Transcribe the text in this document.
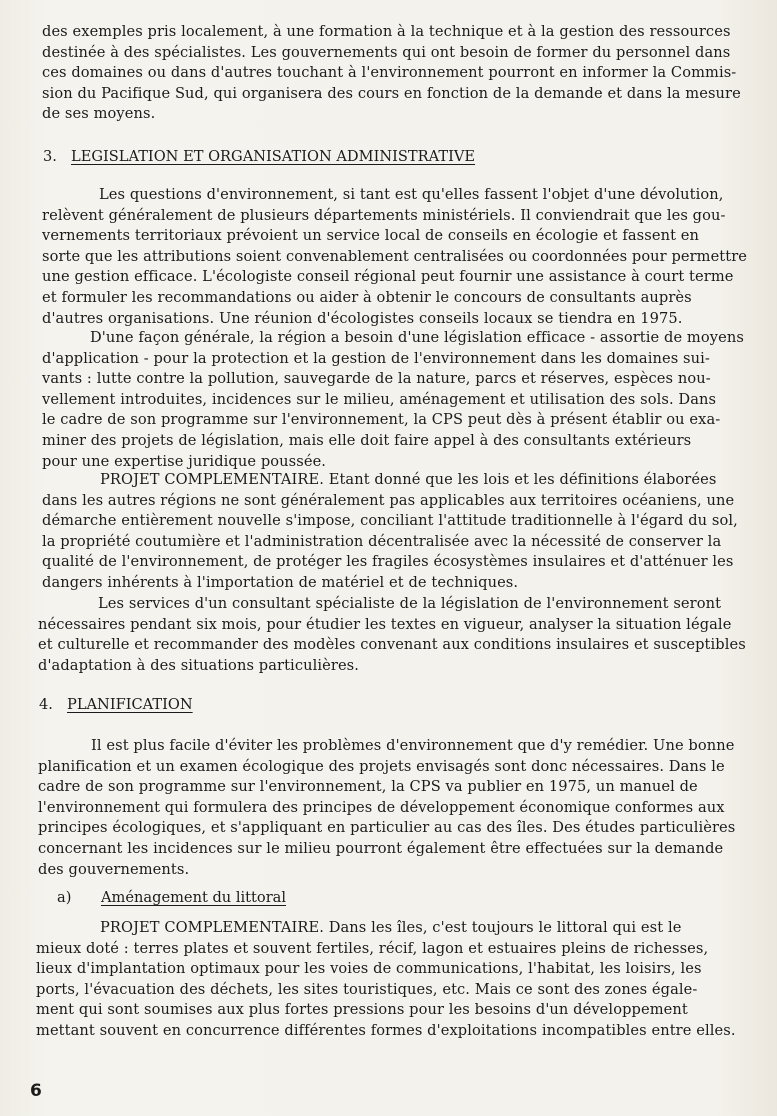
des exemples pris localement, à une formation à la technique et à la gestion des ressources
destinée à des spécialistes. Les gouvernements qui ont besoin de former du personnel dans
ces domaines ou dans d'autres touchant à l'environnement pourront en informer la Commis-
sion du Pacifique Sud, qui organisera des cours en fonction de la demande et dans la mesure
de ses moyens.
3. LEGISLATION ET ORGANISATION ADMINISTRATIVE
Les questions d'environnement, si tant est qu'elles fassent l'objet d'une dévolution,
relèvent généralement de plusieurs départements ministériels. Il conviendrait que les gou-
vernements territoriaux prévoient un service local de conseils en écologie et fassent en
sorte que les attributions soient convenablement centralisées ou coordonnées pour permettre
une gestion efficace. L'écologiste conseil régional peut fournir une assistance à court terme
et formuler les recommandations ou aider à obtenir le concours de consultants auprès
d'autres organisations. Une réunion d'écologistes conseils locaux se tiendra en 1975.
D'une façon générale, la région a besoin d'une législation efficace - assortie de moyens
d'application - pour la protection et la gestion de l'environnement dans les domaines sui-
vants : lutte contre la pollution, sauvegarde de la nature, parcs et réserves, espèces nou-
vellement introduites, incidences sur le milieu, aménagement et utilisation des sols. Dans
le cadre de son programme sur l'environnement, la CPS peut dès à présent établir ou exa-
miner des projets de législation, mais elle doit faire appel à des consultants extérieurs
pour une expertise juridique poussée.
PROJET COMPLEMENTAIRE. Etant donné que les lois et les définitions élaborées
dans les autres régions ne sont généralement pas applicables aux territoires océaniens, une
démarche entièrement nouvelle s'impose, conciliant l'attitude traditionnelle à l'égard du sol,
la propriété coutumière et l'administration décentralisée avec la nécessité de conserver la
qualité de l'environnement, de protéger les fragiles écosystèmes insulaires et d'atténuer les
dangers inhérents à l'importation de matériel et de techniques.
Les services d'un consultant spécialiste de la législation de l'environnement seront
nécessaires pendant six mois, pour étudier les textes en vigueur, analyser la situation légale
et culturelle et recommander des modèles convenant aux conditions insulaires et susceptibles
d'adaptation à des situations particulières.
4. PLANIFICATION
Il est plus facile d'éviter les problèmes d'environnement que d'y remédier. Une bonne
planification et un examen écologique des projets envisagés sont donc nécessaires. Dans le
cadre de son programme sur l'environnement, la CPS va publier en 1975, un manuel de
l'environnement qui formulera des principes de développement économique conformes aux
principes écologiques, et s'appliquant en particulier au cas des îles. Des études particulières
concernant les incidences sur le milieu pourront également être effectuées sur la demande
des gouvernements.
a) Aménagement du littoral
PROJET COMPLEMENTAIRE. Dans les îles, c'est toujours le littoral qui est le
mieux doté : terres plates et souvent fertiles, récif, lagon et estuaires pleins de richesses,
lieux d'implantation optimaux pour les voies de communications, l'habitat, les loisirs, les
ports, l'évacuation des déchets, les sites touristiques, etc. Mais ce sont des zones égale-
ment qui sont soumises aux plus fortes pressions pour les besoins d'un développement
mettant souvent en concurrence différentes formes d'exploitations incompatibles entre elles.
6
